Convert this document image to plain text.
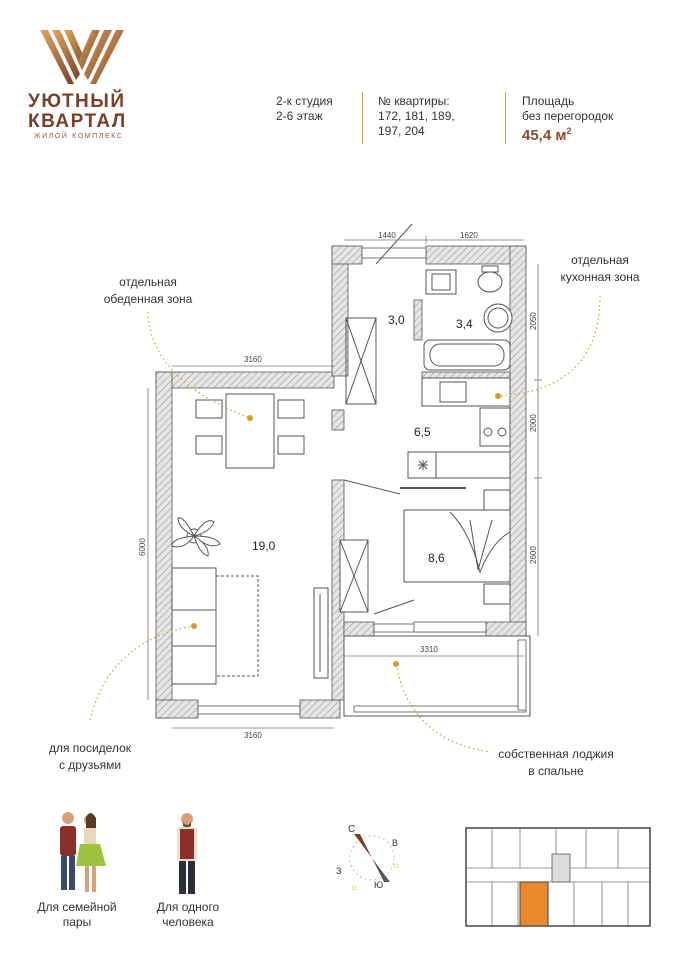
УЮТНЫЙ
КВАРТАЛ
ЖИЛОЙ КОМПЛЕКС
2-к студия
2-6 этаж
№ квартиры:
172, 181, 189,
197, 204
Площадь
без перегородок
45,4 $м^2$
1440	1620
3160
3160
3310
6000
2050
2000
2600
3,0	3,4
6,5
19,0
8,6
отдельная
обеденная зона
отдельная
кухонная зона
для посиделок
с друзьями
собственная лоджия
в спальне
Для семейной
пары
Для одного
человека
С
В
Ю
З
☼
☼
